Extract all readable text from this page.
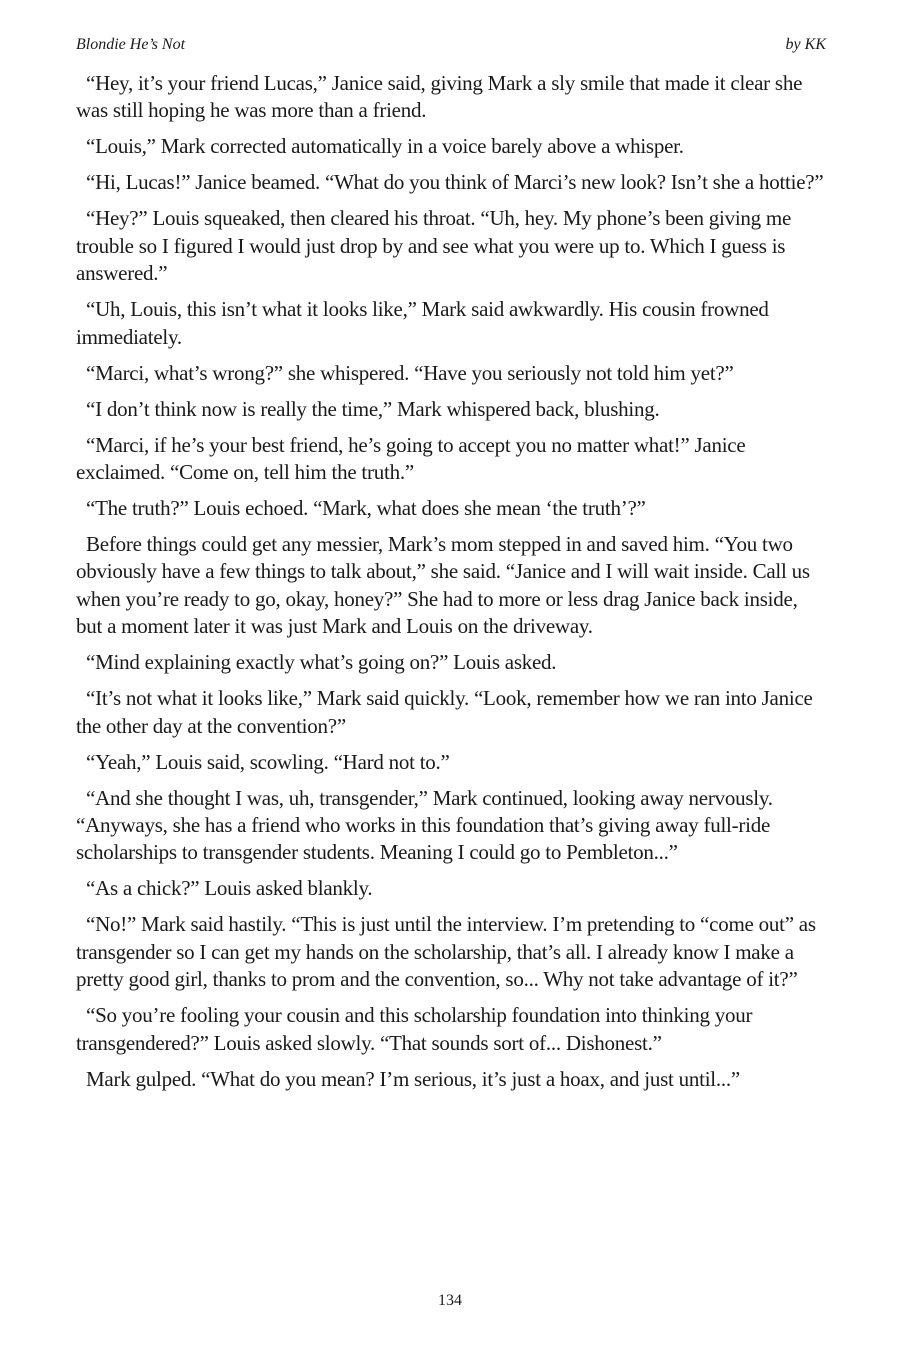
Blondie He’s Not	by KK

“Hey, it’s your friend Lucas,” Janice said, giving Mark a sly smile that made it clear she was still hoping he was more than a friend.

“Louis,” Mark corrected automatically in a voice barely above a whisper.

“Hi, Lucas!” Janice beamed. “What do you think of Marci’s new look? Isn’t she a hottie?”

“Hey?” Louis squeaked, then cleared his throat. “Uh, hey. My phone’s been giving me trouble so I figured I would just drop by and see what you were up to. Which I guess is answered.”

“Uh, Louis, this isn’t what it looks like,” Mark said awkwardly. His cousin frowned immediately.

“Marci, what’s wrong?” she whispered. “Have you seriously not told him yet?”

“I don’t think now is really the time,” Mark whispered back, blushing.

“Marci, if he’s your best friend, he’s going to accept you no matter what!” Janice exclaimed. “Come on, tell him the truth.”

“The truth?” Louis echoed. “Mark, what does she mean ‘the truth’?”

Before things could get any messier, Mark’s mom stepped in and saved him. “You two obviously have a few things to talk about,” she said. “Janice and I will wait inside. Call us when you’re ready to go, okay, honey?” She had to more or less drag Janice back inside, but a moment later it was just Mark and Louis on the driveway.

“Mind explaining exactly what’s going on?” Louis asked.

“It’s not what it looks like,” Mark said quickly. “Look, remember how we ran into Janice the other day at the convention?”

“Yeah,” Louis said, scowling. “Hard not to.”

“And she thought I was, uh, transgender,” Mark continued, looking away nervously. “Anyways, she has a friend who works in this foundation that’s giving away full-ride scholarships to transgender students. Meaning I could go to Pembleton...”

“As a chick?” Louis asked blankly.

“No!” Mark said hastily. “This is just until the interview. I’m pretending to “come out” as transgender so I can get my hands on the scholarship, that’s all. I already know I make a pretty good girl, thanks to prom and the convention, so... Why not take advantage of it?”

“So you’re fooling your cousin and this scholarship foundation into thinking your transgendered?” Louis asked slowly. “That sounds sort of... Dishonest.”

Mark gulped. “What do you mean? I’m serious, it’s just a hoax, and just until...”

134
